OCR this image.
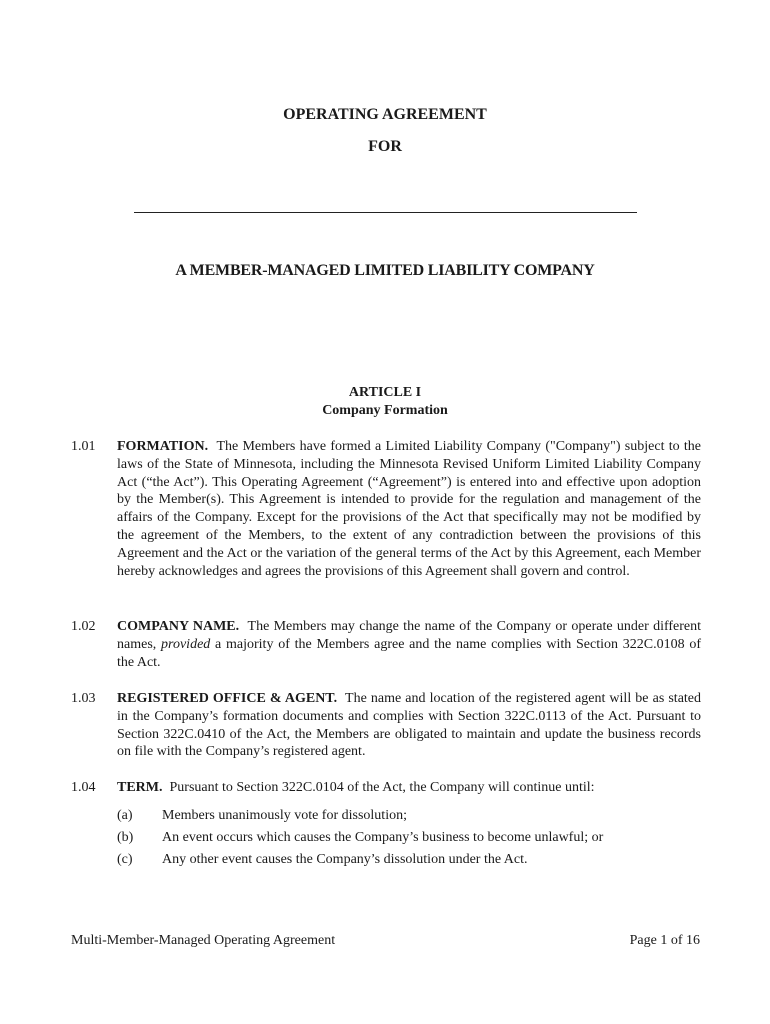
OPERATING AGREEMENT
FOR
A MEMBER-MANAGED LIMITED LIABILITY COMPANY
ARTICLE I
Company Formation
1.01	FORMATION. The Members have formed a Limited Liability Company ("Company") subject to the laws of the State of Minnesota, including the Minnesota Revised Uniform Limited Liability Company Act (“the Act”). This Operating Agreement (“Agreement”) is entered into and effective upon adoption by the Member(s). This Agreement is intended to provide for the regulation and management of the affairs of the Company. Except for the provisions of the Act that specifically may not be modified by the agreement of the Members, to the extent of any contradiction between the provisions of this Agreement and the Act or the variation of the general terms of the Act by this Agreement, each Member hereby acknowledges and agrees the provisions of this Agreement shall govern and control.
1.02	COMPANY NAME. The Members may change the name of the Company or operate under different names, provided a majority of the Members agree and the name complies with Section 322C.0108 of the Act.
1.03	REGISTERED OFFICE & AGENT. The name and location of the registered agent will be as stated in the Company’s formation documents and complies with Section 322C.0113 of the Act. Pursuant to Section 322C.0410 of the Act, the Members are obligated to maintain and update the business records on file with the Company’s registered agent.
1.04	TERM. Pursuant to Section 322C.0104 of the Act, the Company will continue until:
(a) Members unanimously vote for dissolution;
(b) An event occurs which causes the Company’s business to become unlawful; or
(c) Any other event causes the Company’s dissolution under the Act.
Multi-Member-Managed Operating Agreement	Page 1 of 16
